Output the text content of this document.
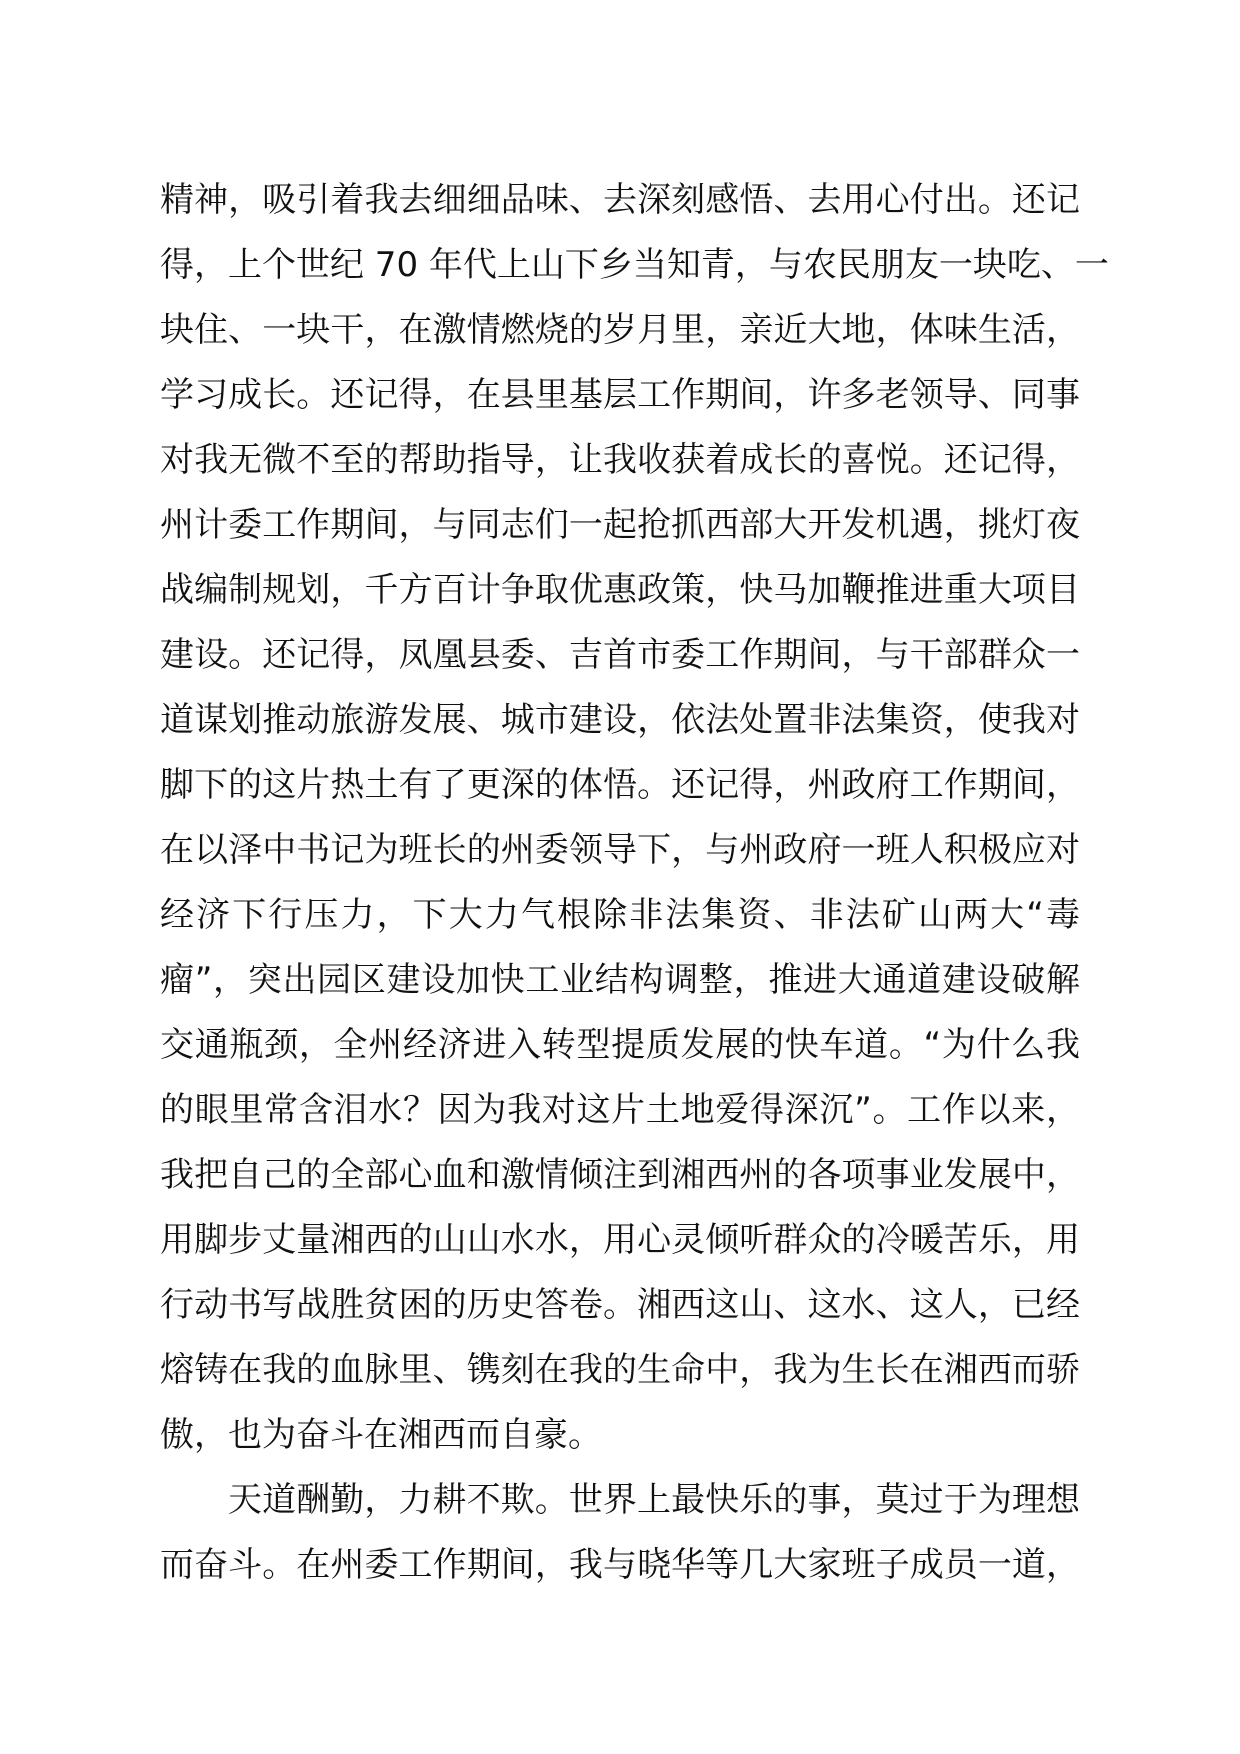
精神，吸引着我去细细品味、去深刻感悟、去用心付出。还记
得，上个世纪 70 年代上山下乡当知青，与农民朋友一块吃、一
块住、一块干，在激情燃烧的岁月里，亲近大地，体味生活，
学习成长。还记得，在县里基层工作期间，许多老领导、同事
对我无微不至的帮助指导，让我收获着成长的喜悦。还记得，
州计委工作期间，与同志们一起抢抓西部大开发机遇，挑灯夜
战编制规划，千方百计争取优惠政策，快马加鞭推进重大项目
建设。还记得，凤凰县委、吉首市委工作期间，与干部群众一
道谋划推动旅游发展、城市建设，依法处置非法集资，使我对
脚下的这片热土有了更深的体悟。还记得，州政府工作期间，
在以泽中书记为班长的州委领导下，与州政府一班人积极应对
经济下行压力，下大力气根除非法集资、非法矿山两大“毒
瘤”，突出园区建设加快工业结构调整，推进大通道建设破解
交通瓶颈，全州经济进入转型提质发展的快车道。“为什么我
的眼里常含泪水？因为我对这片土地爱得深沉”。工作以来，
我把自己的全部心血和激情倾注到湘西州的各项事业发展中，
用脚步丈量湘西的山山水水，用心灵倾听群众的冷暖苦乐，用
行动书写战胜贫困的历史答卷。湘西这山、这水、这人，已经
熔铸在我的血脉里、镌刻在我的生命中，我为生长在湘西而骄
傲，也为奋斗在湘西而自豪。
天道酬勤，力耕不欺。世界上最快乐的事，莫过于为理想
而奋斗。在州委工作期间，我与晓华等几大家班子成员一道，
